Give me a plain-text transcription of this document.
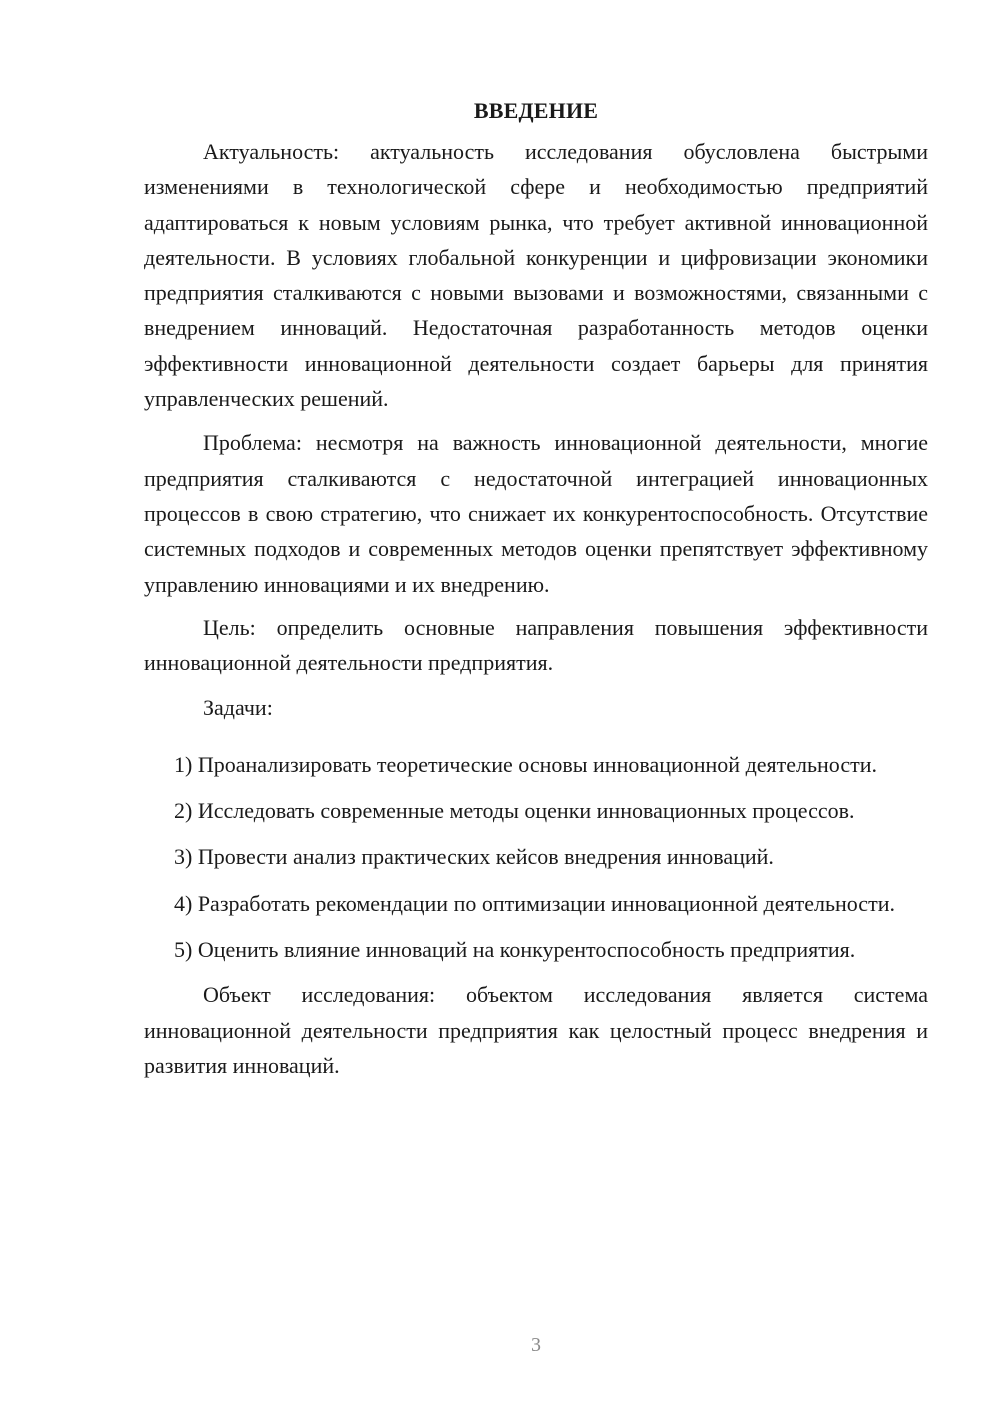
ВВЕДЕНИЕ

Актуальность: актуальность исследования обусловлена быстрыми изменениями в технологической сфере и необходимостью предприятий адаптироваться к новым условиям рынка, что требует активной инновационной деятельности. В условиях глобальной конкуренции и цифровизации экономики предприятия сталкиваются с новыми вызовами и возможностями, связанными с внедрением инноваций. Недостаточная разработанность методов оценки эффективности инновационной деятельности создает барьеры для принятия управленческих решений.

Проблема: несмотря на важность инновационной деятельности, многие предприятия сталкиваются с недостаточной интеграцией инновационных процессов в свою стратегию, что снижает их конкурентоспособность. Отсутствие системных подходов и современных методов оценки препятствует эффективному управлению инновациями и их внедрению.

Цель: определить основные направления повышения эффективности инновационной деятельности предприятия.

Задачи:

1) Проанализировать теоретические основы инновационной деятельности.

2) Исследовать современные методы оценки инновационных процессов.

3) Провести анализ практических кейсов внедрения инноваций.

4) Разработать рекомендации по оптимизации инновационной деятельности.

5) Оценить влияние инноваций на конкурентоспособность предприятия.

Объект исследования: объектом исследования является система инновационной деятельности предприятия как целостный процесс внедрения и развития инноваций.

3
